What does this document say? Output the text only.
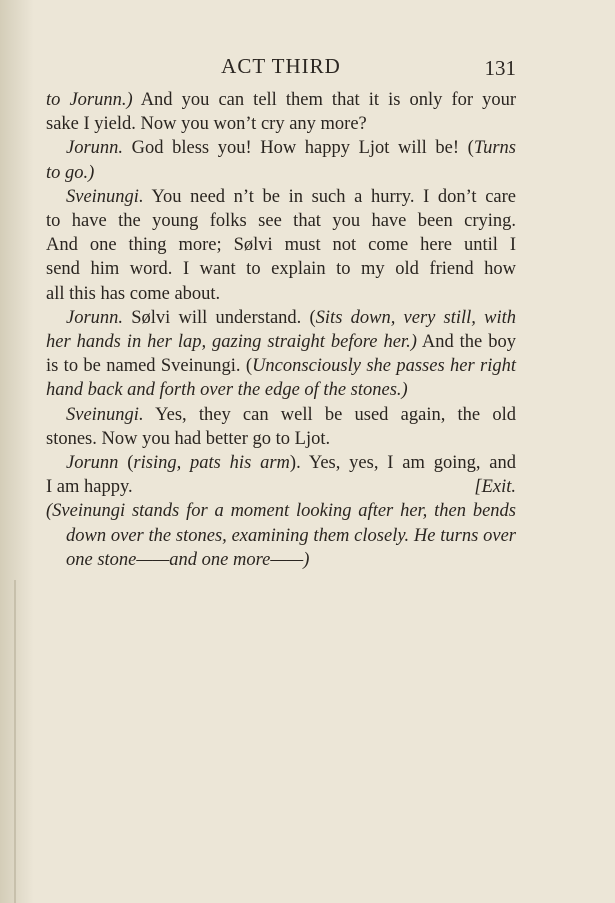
ACT THIRD	131
to Jorunn.) And you can tell them that it is only for your
sake I yield. Now you won’t cry any more?
Jorunn. God bless you! How happy Ljot will be! (Turns
to go.)
Sveinungi. You need n’t be in such a hurry. I don’t care
to have the young folks see that you have been crying.
And one thing more; Sølvi must not come here until I
send him word. I want to explain to my old friend how
all this has come about.
Jorunn. Sølvi will understand. (Sits down, very still, with
her hands in her lap, gazing straight before her.) And the boy
is to be named Sveinungi. (Unconsciously she passes her right
hand back and forth over the edge of the stones.)
Sveinungi. Yes, they can well be used again, the old
stones. Now you had better go to Ljot.
Jorunn (rising, pats his arm). Yes, yes, I am going, and
I am happy.	[Exit.
(Sveinungi stands for a moment looking after her, then bends
down over the stones, examining them closely. He turns over
one stone——and one more——)
